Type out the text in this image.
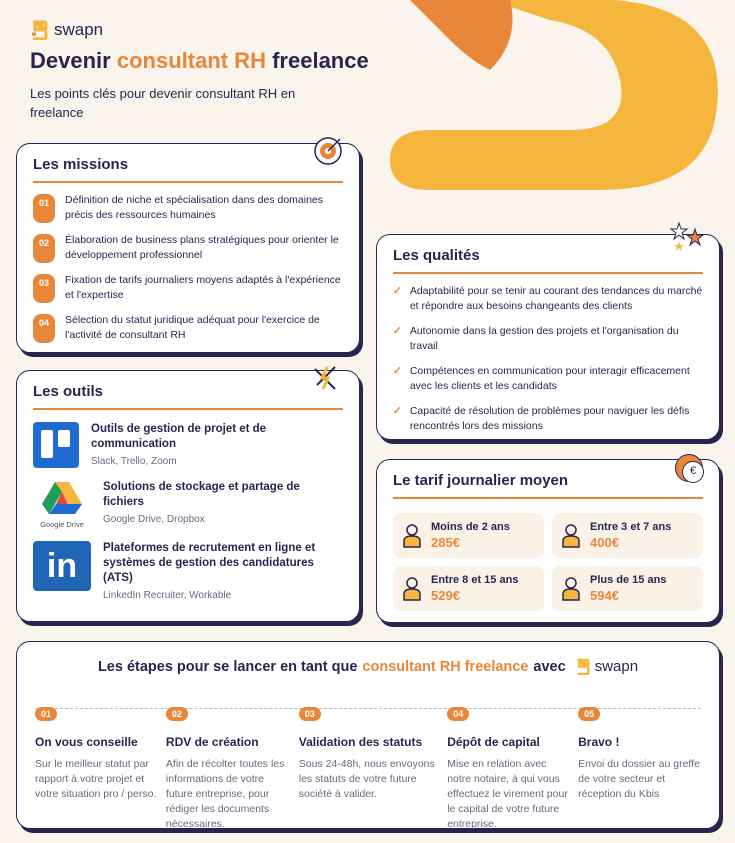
swapn
Devenir consultant RH freelance

Les points clés pour devenir consultant RH en freelance

Les missions
01	Définition de niche et spécialisation dans des domaines précis des ressources humaines
02	Élaboration de business plans stratégiques pour orienter le développement professionnel
03	Fixation de tarifs journaliers moyens adaptés à l'expérience et l'expertise
04	Sélection du statut juridique adéquat pour l'exercice de l'activité de consultant RH
Les outils
Outils de gestion de projet et de communication
Slack, Trello, Zoom
Google Drive
Solutions de stockage et partage de fichiers
Google Drive, Dropbox
in	Plateformes de recrutement en ligne et systèmes de gestion des candidatures (ATS)
LinkedIn Recruiter, Workable
Les qualités
✓ Adaptabilité pour se tenir au courant des tendances du marché et répondre aux besoins changeants des clients
✓ Autonomie dans la gestion des projets et l'organisation du travail
✓ Compétences en communication pour interagir efficacement avec les clients et les candidats
✓ Capacité de résolution de problèmes pour naviguer les défis rencontrés lors des missions
Le tarif journalier moyen
€
Moins de 2 ans
285€
Entre 3 et 7 ans
400€
Entre 8 et 15 ans
529€
Plus de 15 ans
594€
Les étapes pour se lancer en tant que consultant RH freelance avec swapn
01
On vous conseille
Sur le meilleur statut par rapport à votre projet et votre situation pro / perso.
02
RDV de création
Afin de récolter toutes les informations de votre future entreprise, pour rédiger les documents nécessaires.
03
Validation des statuts
Sous 24-48h, nous envoyons les statuts de votre future société à valider.
04
Dépôt de capital
Mise en relation avec notre notaire, à qui vous effectuez le virement pour le capital de votre future entreprise.
05
Bravo !
Envoi du dossier au greffe de votre secteur et réception du Kbis
